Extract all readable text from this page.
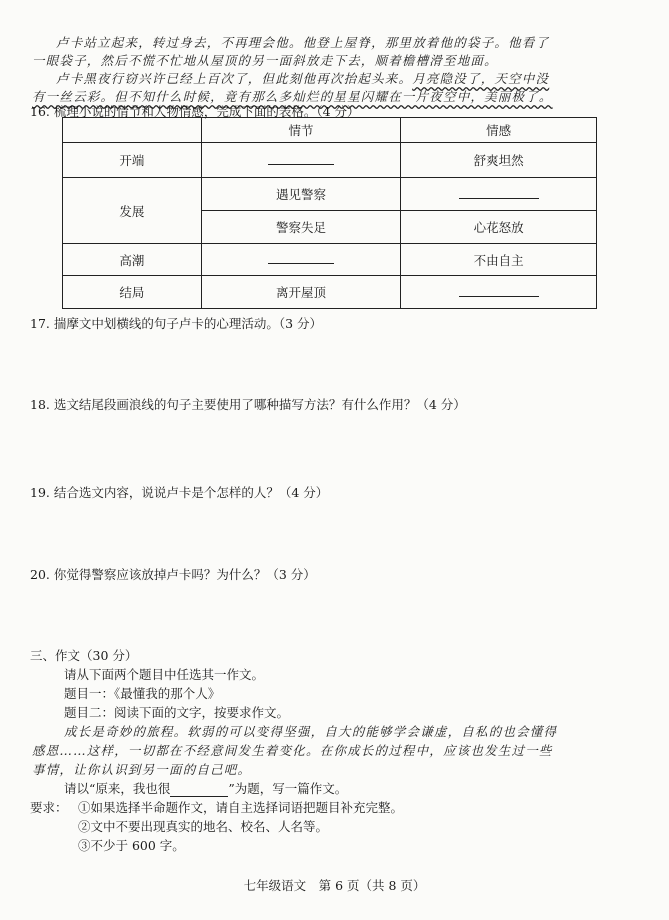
卢卡站立起来，转过身去，不再理会他。他登上屋脊，那里放着他的袋子。他看了
一眼袋子，然后不慌不忙地从屋顶的另一面斜放走下去，顺着檐槽滑至地面。
卢卡黑夜行窃兴许已经上百次了，但此刻他再次抬起头来。月亮隐没了，天空中没
有一丝云彩。但不知什么时候，竟有那么多灿烂的星星闪耀在一片夜空中，美丽极了。
16. 梳理小说的情节和人物情感，完成下面的表格。（4 分）
	情节	情感
开端		舒爽坦然
发展	遇见警察	
	警察失足	心花怒放
高潮		不由自主
结局	离开屋顶	
17. 揣摩文中划横线的句子卢卡的心理活动。（3 分）
18. 选文结尾段画浪线的句子主要使用了哪种描写方法？有什么作用？（4 分）
19. 结合选文内容，说说卢卡是个怎样的人？（4 分）
20. 你觉得警察应该放掉卢卡吗？为什么？（3 分）
三、作文（30 分）
请从下面两个题目中任选其一作文。
题目一：《最懂我的那个人》
题目二：阅读下面的文字，按要求作文。
成长是奇妙的旅程。软弱的可以变得坚强，自大的能够学会谦虚，自私的也会懂得
感恩……这样，一切都在不经意间发生着变化。在你成长的过程中，应该也发生过一些
事情，让你认识到另一面的自己吧。
请以“原来，我也很	”为题，写一篇作文。
要求： ①如果选择半命题作文，请自主选择词语把题目补充完整。
②文中不要出现真实的地名、校名、人名等。
③不少于 600 字。
七年级语文　第 6 页（共 8 页）
